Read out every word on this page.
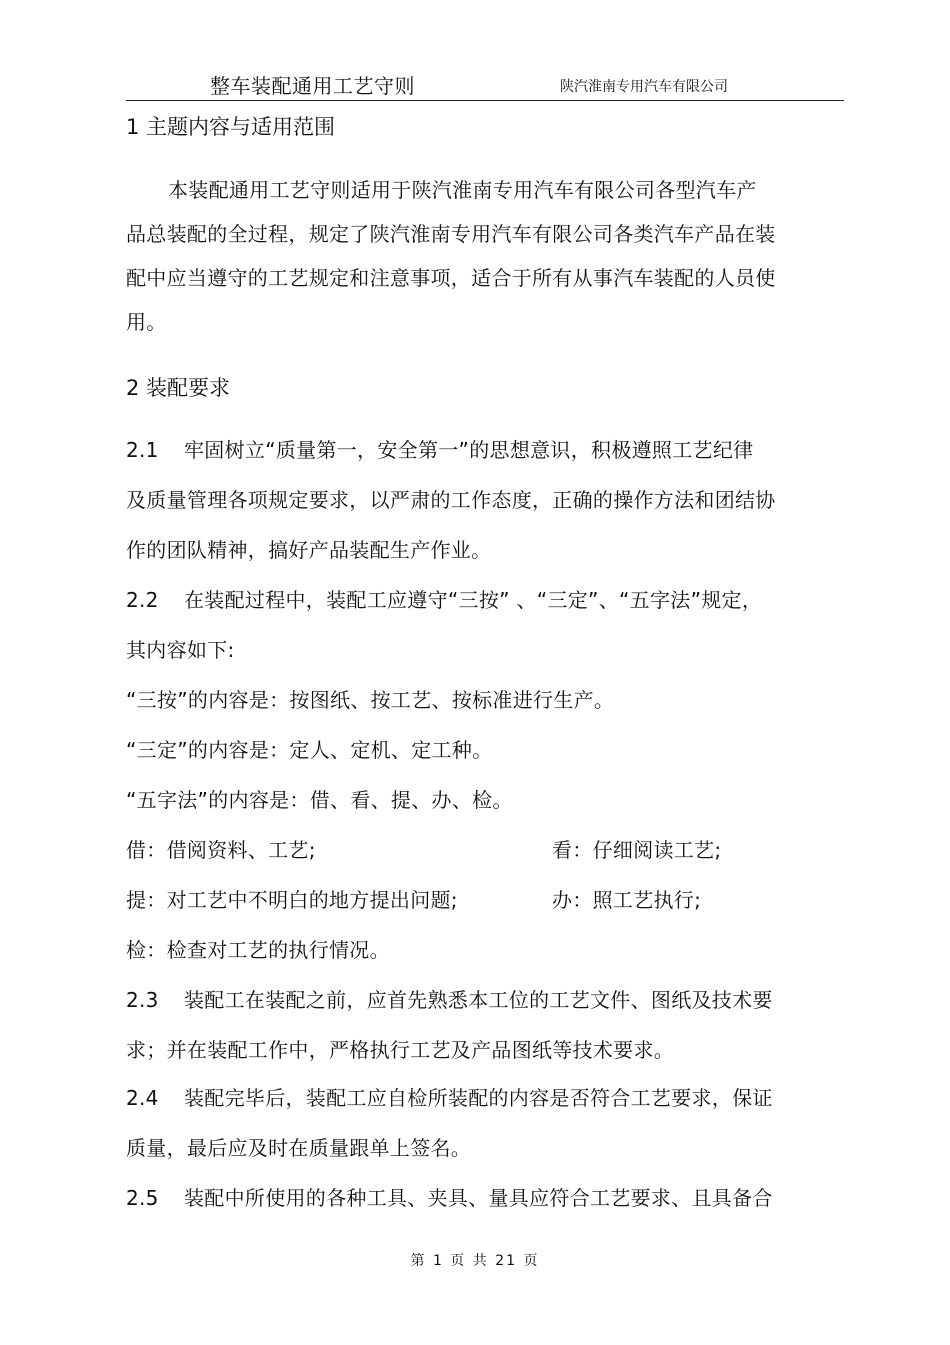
整车装配通用工艺守则	陕汽淮南专用汽车有限公司
1 主题内容与适用范围
本装配通用工艺守则适用于陕汽淮南专用汽车有限公司各型汽车产
品总装配的全过程，规定了陕汽淮南专用汽车有限公司各类汽车产品在装
配中应当遵守的工艺规定和注意事项，适合于所有从事汽车装配的人员使
用。
2 装配要求
2.1 牢固树立“质量第一，安全第一”的思想意识，积极遵照工艺纪律
及质量管理各项规定要求，以严肃的工作态度，正确的操作方法和团结协
作的团队精神，搞好产品装配生产作业。
2.2 在装配过程中，装配工应遵守“三按” 、“三定”、“五字法”规定，
其内容如下:
“三按”的内容是：按图纸、按工艺、按标准进行生产。
“三定”的内容是：定人、定机、定工种。
“五字法”的内容是：借、看、提、办、检。
借：借阅资料、工艺;	看：仔细阅读工艺;
提：对工艺中不明白的地方提出问题;	办：照工艺执行;
检：检查对工艺的执行情况。
2.3 装配工在装配之前，应首先熟悉本工位的工艺文件、图纸及技术要
求；并在装配工作中，严格执行工艺及产品图纸等技术要求。
2.4 装配完毕后，装配工应自检所装配的内容是否符合工艺要求，保证
质量，最后应及时在质量跟单上签名。
2.5 装配中所使用的各种工具、夹具、量具应符合工艺要求、且具备合
第 1 页 共 21 页
